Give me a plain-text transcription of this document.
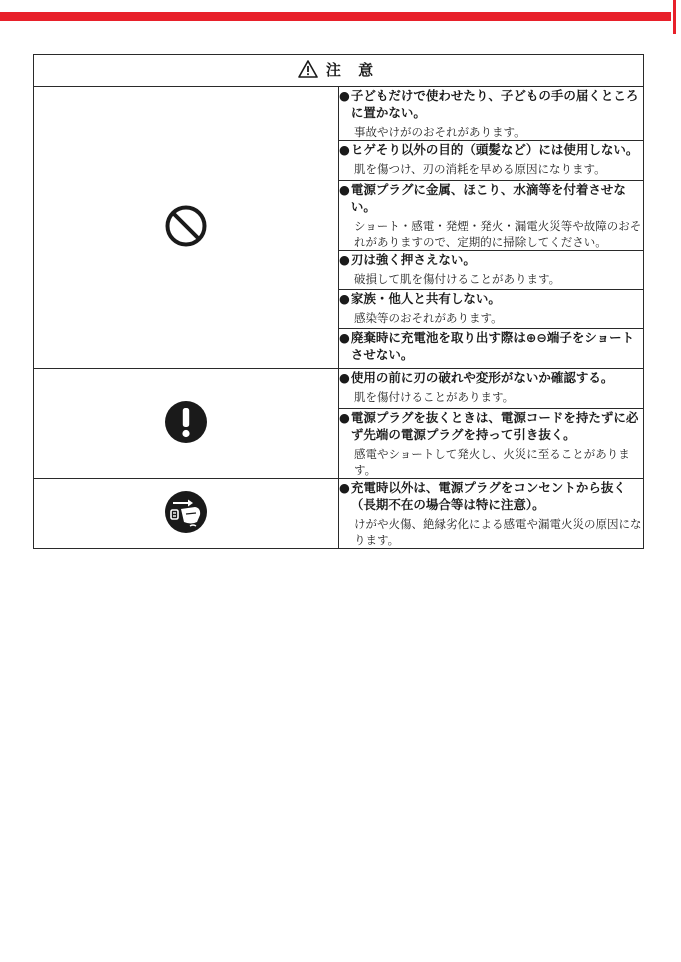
注 意	

● 子どもだけで使わせたり、子どもの手の届くところに置かない。
事故やけがのおそれがあります。

	● ヒゲそり以外の目的（頭髪など）には使用しない。
肌を傷つけ、刃の消耗を早める原因になります。

	● 電源プラグに金属、ほこり、水滴等を付着させない。
ショート・感電・発煙・発火・漏電火災等や故障のおそれがありますので、定期的に掃除してください。

	● 刃は強く押さえない。
破損して肌を傷付けることがあります。

	● 家族・他人と共有しない。
感染等のおそれがあります。

	● 廃棄時に充電池を取り出す際は⊕⊖端子をショートさせない。

● 使用の前に刃の破れや変形がないか確認する。
肌を傷付けることがあります。

	● 電源プラグを抜くときは、電源コードを持たずに必ず先端の電源プラグを持って引き抜く。
感電やショートして発火し、火災に至ることがあります。

● 充電時以外は、電源プラグをコンセントから抜く（長期不在の場合等は特に注意）。
けがや火傷、絶縁劣化による感電や漏電火災の原因になります。
